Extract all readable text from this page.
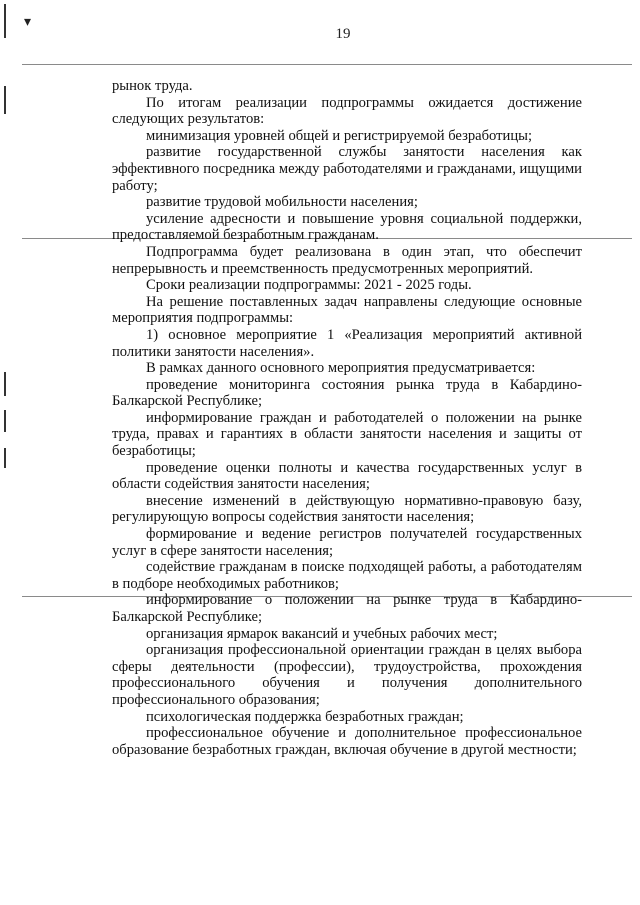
▾
19

рынок труда.

По итогам реализации подпрограммы ожидается достижение следующих результатов:

минимизация уровней общей и регистрируемой безработицы;

развитие государственной службы занятости населения как эффективного посредника между работодателями и гражданами, ищущими работу;

развитие трудовой мобильности населения;

усиление адресности и повышение уровня социальной поддержки, предоставляемой безработным гражданам.

Подпрограмма будет реализована в один этап, что обеспечит непрерывность и преемственность предусмотренных мероприятий.

Сроки реализации подпрограммы: 2021 - 2025 годы.

На решение поставленных задач направлены следующие основные мероприятия подпрограммы:

1) основное мероприятие 1 «Реализация мероприятий активной политики занятости населения».

В рамках данного основного мероприятия предусматривается:

проведение мониторинга состояния рынка труда в Кабардино-Балкарской Республике;

информирование граждан и работодателей о положении на рынке труда, правах и гарантиях в области занятости населения и защиты от безработицы;

проведение оценки полноты и качества государственных услуг в области содействия занятости населения;

внесение изменений в действующую нормативно-правовую базу, регулирующую вопросы содействия занятости населения;

формирование и ведение регистров получателей государственных услуг в сфере занятости населения;

содействие гражданам в поиске подходящей работы, а работодателям в подборе необходимых работников;

информирование о положении на рынке труда в Кабардино-Балкарской Республике;

организация ярмарок вакансий и учебных рабочих мест;

организация профессиональной ориентации граждан в целях выбора сферы деятельности (профессии), трудоустройства, прохождения профессионального обучения и получения дополнительного профессионального образования;

психологическая поддержка безработных граждан;

профессиональное обучение и дополнительное профессиональное образование безработных граждан, включая обучение в другой местности;
